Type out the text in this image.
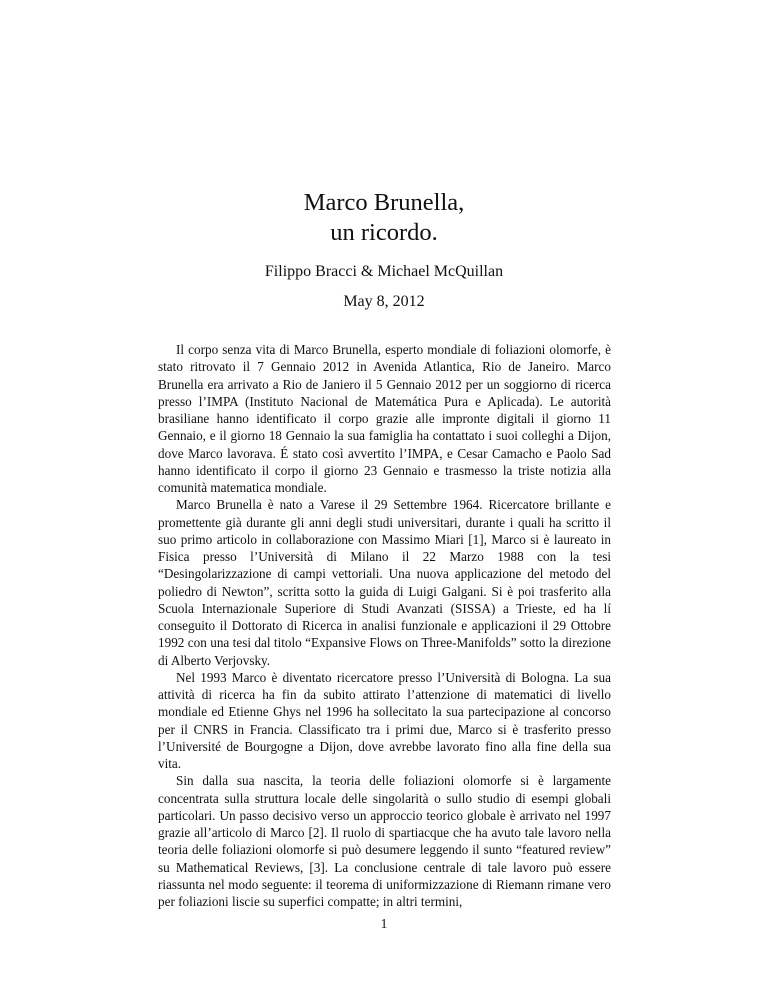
Marco Brunella,
un ricordo.
Filippo Bracci & Michael McQuillan
May 8, 2012

Il corpo senza vita di Marco Brunella, esperto mondiale di foliazioni olomorfe, è stato ritrovato il 7 Gennaio 2012 in Avenida Atlantica, Rio de Janeiro. Marco Brunella era arrivato a Rio de Janiero il 5 Gennaio 2012 per un soggiorno di ricerca presso l’IMPA (Instituto Nacional de Matemática Pura e Aplicada). Le autorità brasiliane hanno identificato il corpo grazie alle impronte digitali il giorno 11 Gennaio, e il giorno 18 Gennaio la sua famiglia ha contattato i suoi colleghi a Dijon, dove Marco lavorava. É stato così avvertito l’IMPA, e Cesar Camacho e Paolo Sad hanno identificato il corpo il giorno 23 Gennaio e trasmesso la triste notizia alla comunità matematica mondiale.

Marco Brunella è nato a Varese il 29 Settembre 1964. Ricercatore brillante e promettente già durante gli anni degli studi universitari, durante i quali ha scritto il suo primo articolo in collaborazione con Massimo Miari [1], Marco si è laureato in Fisica presso l’Università di Milano il 22 Marzo 1988 con la tesi “Desingolarizzazione di campi vettoriali. Una nuova applicazione del metodo del poliedro di Newton”, scritta sotto la guida di Luigi Galgani. Si è poi trasferito alla Scuola Internazionale Superiore di Studi Avanzati (SISSA) a Trieste, ed ha lí conseguito il Dottorato di Ricerca in analisi funzionale e applicazioni il 29 Ottobre 1992 con una tesi dal titolo “Expansive Flows on Three-Manifolds” sotto la direzione di Alberto Verjovsky.

Nel 1993 Marco è diventato ricercatore presso l’Università di Bologna. La sua attività di ricerca ha fin da subito attirato l’attenzione di matematici di livello mondiale ed Etienne Ghys nel 1996 ha sollecitato la sua partecipazione al concorso per il CNRS in Francia. Classificato tra i primi due, Marco si è trasferito presso l’Université de Bourgogne a Dijon, dove avrebbe lavorato fino alla fine della sua vita.

Sin dalla sua nascita, la teoria delle foliazioni olomorfe si è largamente concentrata sulla struttura locale delle singolarità o sullo studio di esempi globali particolari. Un passo decisivo verso un approccio teorico globale è arrivato nel 1997 grazie all’articolo di Marco [2]. Il ruolo di spartiacque che ha avuto tale lavoro nella teoria delle foliazioni olomorfe si può desumere leggendo il sunto “featured review” su Mathematical Reviews, [3]. La conclusione centrale di tale lavoro può essere riassunta nel modo seguente: il teorema di uniformizzazione di Riemann rimane vero per foliazioni liscie su superfici compatte; in altri termini,

1
